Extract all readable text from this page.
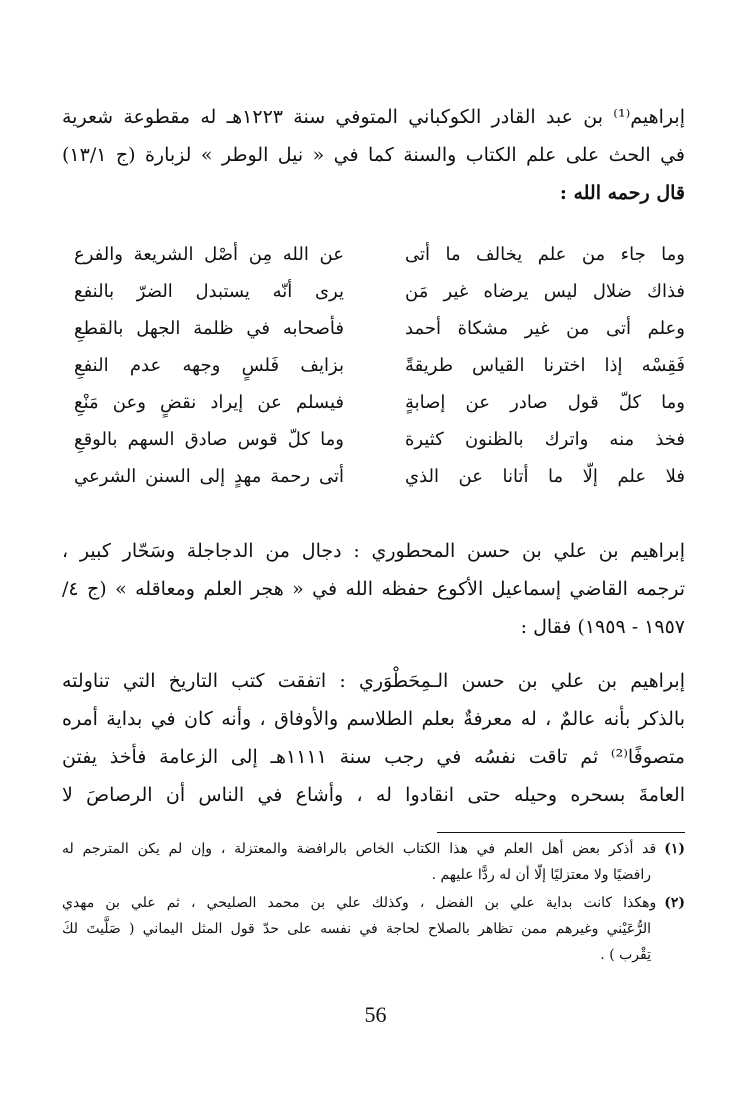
إبراهيم⁽¹⁾ بن عبد القادر الكوكباني المتوفي سنة ١٢٢٣هـ له مقطوعة شعرية
في الحث على علم الكتاب والسنة كما في « نيل الوطر » لزبارة (ج ١٣/١)
قال رحمه الله :
وما جاء من علم يخالف ما أتى
عن الله مِن أصْل الشريعة والفرع
فذاك ضلال ليس يرضاه غير مَن
يرى أنّه يستبدل الضرّ بالنفع
وعلم أتى من غير مشكاة أحمد
فأصحابه في ظلمة الجهل بالقطعِ
فَقِسْه إذا اخترنا القياس طريقةً
بزايف فَلسٍ وجهه عدم النفعِ
وما كلّ قول صادر عن إصابةٍ
فيسلم عن إيراد نقضٍ وعن مَنْعِ
فخذ منه واترك بالظنون كثيرة
وما كلّ قوس صادق السهم بالوقعِ
فلا علم إلّا ما أتانا عن الذي
أتى رحمة مهدٍ إلى السنن الشرعي
إبراهيم بن علي بن حسن المحطوري : دجال من الدجاجلة وسَحّار كبير ،
ترجمه القاضي إسماعيل الأكوع حفظه الله في « هجر العلم ومعاقله » (ج ٤/
١٩٥٧ - ١٩٥٩) فقال :
إبراهيم بن علي بن حسن الـمِحَطْوَري : اتفقت كتب التاريخ التي تناولته
بالذكر بأنه عالمٌ ، له معرفةٌ بعلم الطلاسم والأوفاق ، وأنه كان في بداية أمره
متصوفًا⁽²⁾ ثم تاقت نفسُه في رجب سنة ١١١١هـ إلى الزعامة فأخذ يفتن
العامةَ بسحره وحيله حتى انقادوا له ، وأشاع في الناس أن الرصاصَ لا
(١)قد أذكر بعض أهل العلم في هذا الكتاب الخاص بالرافضة والمعتزلة ، وإن لم يكن المترجم له
رافضيًا ولا معتزليًا إلّا أن له ردًّا عليهم .
(٢)وهكذا كانت بداية علي بن الفضل ، وكذلك علي بن محمد الصليحي ، ثم علي بن مهدي
الرُّعَيْني وغيرهم ممن تظاهر بالصلاح لحاجة في نفسه على حدّ قول المثل اليماني ( صَلَّيتَ لكَ
تِقْرب ) .
56
